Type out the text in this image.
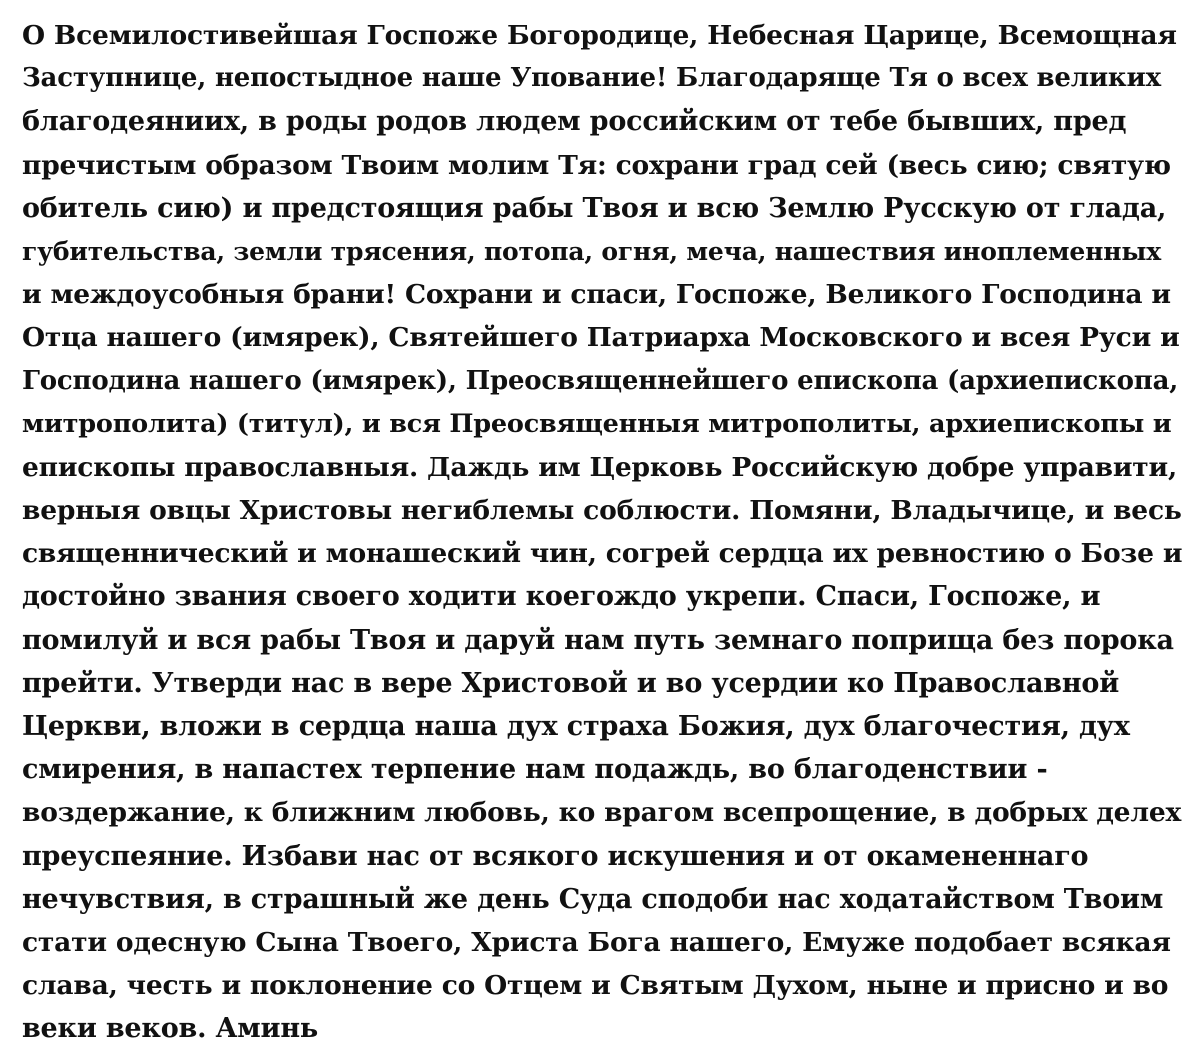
О Всемилостивейшая Госпоже Богородице, Небесная Царице, Всемощная
Заступнице, непостыдное наше Упование! Благодаряще Тя о всех великих
благодеяниих, в роды родов людем российским от тебе бывших, пред
пречистым образом Твоим молим Тя: сохрани град сей (весь сию; святую
обитель сию) и предстоящия рабы Твоя и всю Землю Русскую от глада,
губительства, земли трясения, потопа, огня, меча, нашествия иноплеменных
и междоусобныя брани! Сохрани и спаси, Госпоже, Великого Господина и
Отца нашего (имярек), Святейшего Патриарха Московского и всея Руси и
Господина нашего (имярек), Преосвященнейшего епископа (архиепископа,
митрополита) (титул), и вся Преосвященныя митрополиты, архиепископы и
епископы православныя. Даждь им Церковь Российскую добре управити,
верныя овцы Христовы негиблемы соблюсти. Помяни, Владычице, и весь
священнический и монашеский чин, согрей сердца их ревностию о Бозе и
достойно звания своего ходити коегождо укрепи. Спаси, Госпоже, и
помилуй и вся рабы Твоя и даруй нам путь земнаго поприща без порока
прейти. Утверди нас в вере Христовой и во усердии ко Православной
Церкви, вложи в сердца наша дух страха Божия, дух благочестия, дух
смирения, в напастех терпение нам подаждь, во благоденствии -
воздержание, к ближним любовь, ко врагом всепрощение, в добрых делех
преуспеяние. Избави нас от всякого искушения и от окамененнаго
нечувствия, в страшный же день Суда сподоби нас ходатайством Твоим
стати одесную Сына Твоего, Христа Бога нашего, Емуже подобает всякая
слава, честь и поклонение со Отцем и Святым Духом, ныне и присно и во
веки веков. Аминь
